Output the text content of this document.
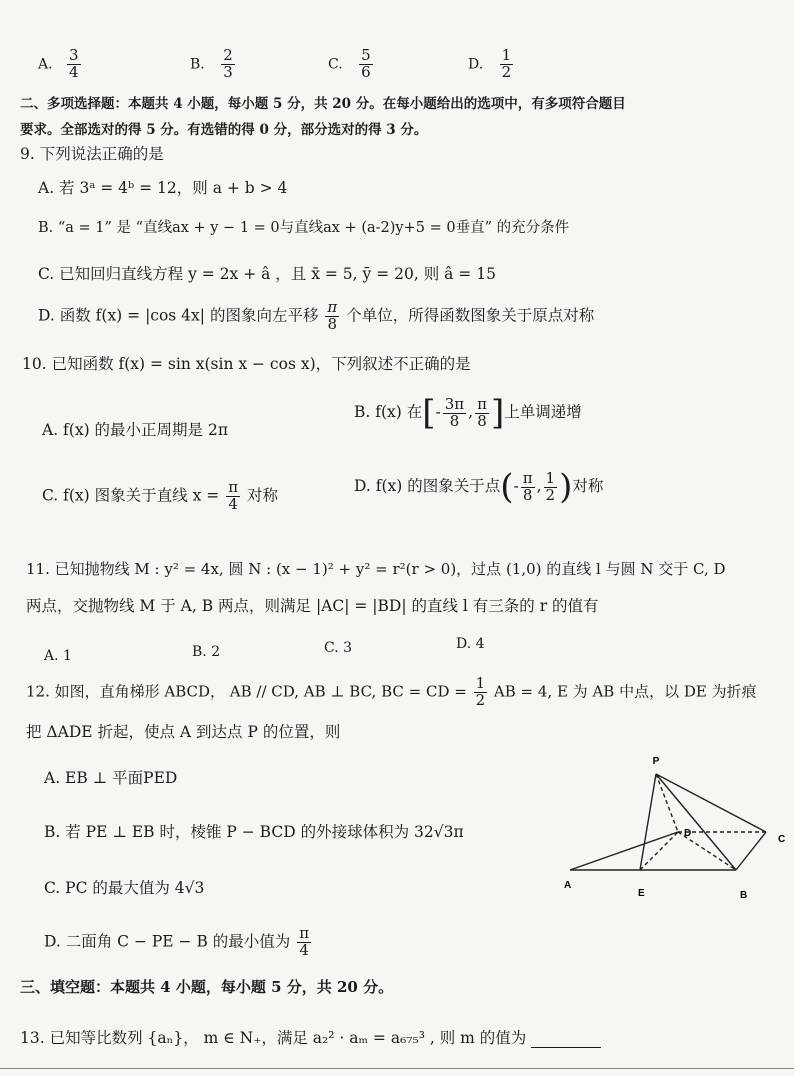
A. $\frac{3}{4}$	B. $\frac{2}{3}$	C. $\frac{5}{6}$	D. $\frac{1}{2}$
二、多项选择题：本题共 4 小题，每小题 5 分，共 20 分。在每小题给出的选项中，有多项符合题目
要求。全部选对的得 5 分。有选错的得 0 分，部分选对的得 3 分。
9. 下列说法正确的是
A. 若 3ᵃ = 4ᵇ = 12，则 a + b > 4
B. “a = 1” 是 “直线ax + y − 1 = 0与直线ax + (a-2)y+5 = 0垂直” 的充分条件
C. 已知回归直线方程 y = 2x + â ，且 x̄ = 5, ȳ = 20, 则 â = 15
D. 函数 f(x) = |cos 4x| 的图象向左平移 $\frac{\pi}{8}$ 个单位，所得函数图象关于原点对称
10. 已知函数 f(x) = sin x(sin x − cos x)，下列叙述不正确的是
A. f(x) 的最小正周期是 2π
B. f(x) 在[- $\frac{3\pi}{8}$ , $\frac{\pi}{8}$ ]上单调递增
C. f(x) 图象关于直线 $x = \frac{\pi}{4}$ 对称
D. f(x) 的图象关于点(- $\frac{\pi}{8}$ , $\frac{1}{2}$ )对称
11. 已知抛物线 M : y² = 4x, 圆 N : (x − 1)² + y² = r²(r > 0)，过点 (1,0) 的直线 l 与圆 N 交于 C, D
两点，交抛物线 M 于 A, B 两点，则满足 |AC| = |BD| 的直线 l 有三条的 r 的值有
A. 1	B. 2	C. 3	D. 4
12. 如图，直角梯形 ABCD， AB // CD, AB ⊥ BC, BC = CD = $\frac{1}{2}$ AB = 4, E 为 AB 中点，以 DE 为折痕
把 ΔADE 折起，使点 A 到达点 P 的位置，则
A. EB ⊥ 平面PED
B. 若 PE ⊥ EB 时，棱锥 P − BCD 的外接球体积为 32√3π
C. PC 的最大值为 4√3
D. 二面角 C − PE − B 的最小值为 $\frac{\pi}{4}$
P
D
C
A
E	B
三、填空题：本题共 4 小题，每小题 5 分，共 20 分。
13. 已知等比数列 {aₙ}， m ∈ N₊，满足 a₂² · aₘ = a₆₇₅³ , 则 m 的值为
